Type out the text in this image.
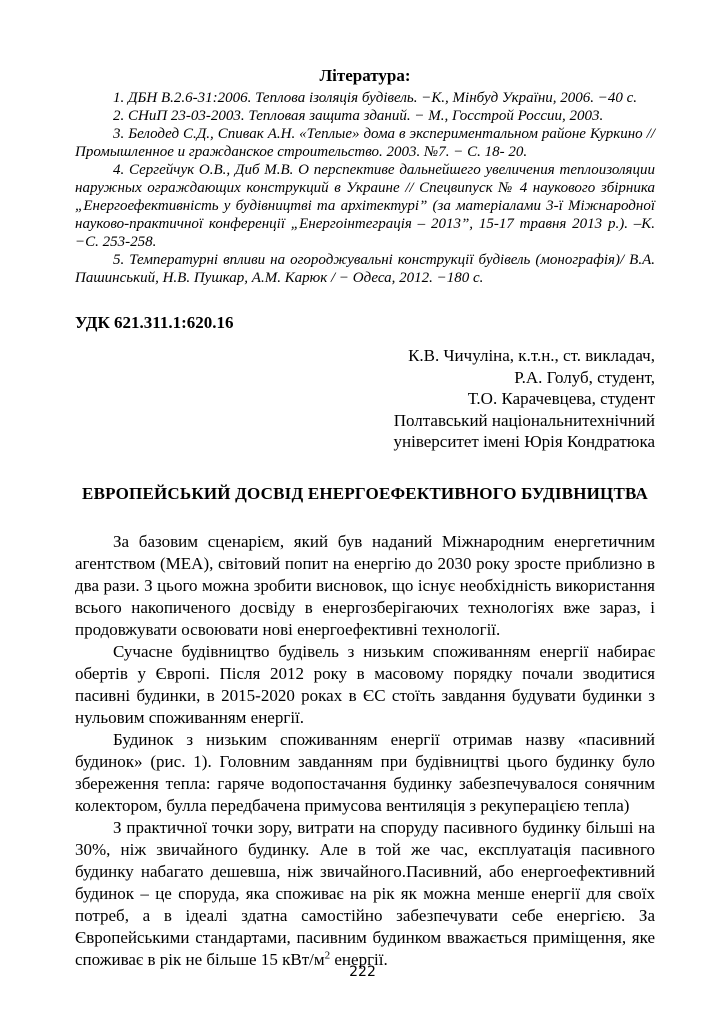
Література:

1. ДБН В.2.6-31:2006. Теплова ізоляція будівель. −К., Мінбуд України, 2006. −40 с.

2. СНиП 23-03-2003. Тепловая защита зданий. − М., Госстрой России, 2003.

3. Белодед С.Д., Спивак А.Н. «Теплые» дома в экспериментальном районе Куркино // Промышленное и гражданское строительство. 2003. №7. − С. 18- 20.

4. Сергейчук О.В., Диб М.В. О перспективе дальнейшего увеличения теплоизоляции наружных ограждающих конструкций в Украине // Спецвипуск № 4 наукового збірника „Енергоефективність у будівництві та архітектурі” (за матеріалами 3-ї Міжнародної науково-практичної конференції „Енергоінтеграція – 2013”, 15-17 травня 2013 р.). –К. −С. 253-258.

5. Температурні впливи на огороджувальні конструкції будівель (монографія)/ В.А. Пашинський, Н.В. Пушкар, А.М. Карюк / − Одеса, 2012. −180 с.

УДК 621.311.1:620.16

К.В. Чичуліна, к.т.н., ст. викладач,

Р.А. Голуб, студент,

Т.О. Карачевцева, студент

Полтавський національнитехнічний

університет імені Юрія Кондратюка

ЕВРОПЕЙСЬКИЙ ДОСВІД ЕНЕРГОЕФЕКТИВНОГО БУДІВНИЦТВА

За базовим сценарієм, який був наданий Міжнародним енергетичним агентством (МЕА), світовий попит на енергію до 2030 року зросте приблизно в два рази. З цього можна зробити висновок, що існує необхідність використання всього накопиченого досвіду в енергозберігаючих технологіях вже зараз, і продовжувати освоювати нові енергоефективні технології.

Сучасне будівництво будівель з низьким споживанням енергії набирає обертів у Європі. Після 2012 року в масовому порядку почали зводитися пасивні будинки, в 2015-2020 роках в ЄС стоїть завдання будувати будинки з нульовим споживанням енергії.

Будинок з низьким споживанням енергії отримав назву «пасивний будинок» (рис. 1). Головним завданням при будівництві цього будинку було збереження тепла: гаряче водопостачання будинку забезпечувалося сонячним колектором, булла передбачена примусова вентиляція з рекуперацією тепла)

З практичної точки зору, витрати на споруду пасивного будинку більші на 30%, ніж звичайного будинку. Але в той же час, експлуатація пасивного будинку набагато дешевша, ніж звичайного.Пасивний, або енергоефективний будинок – це споруда, яка споживає на рік як можна менше енергії для своїх потреб, а в ідеалі здатна самостійно забезпечувати себе енергією. За Європейськими стандартами, пасивним будинком вважається приміщення, яке споживає в рік не більше 15 кВт/$м^2$ енергії.

222
